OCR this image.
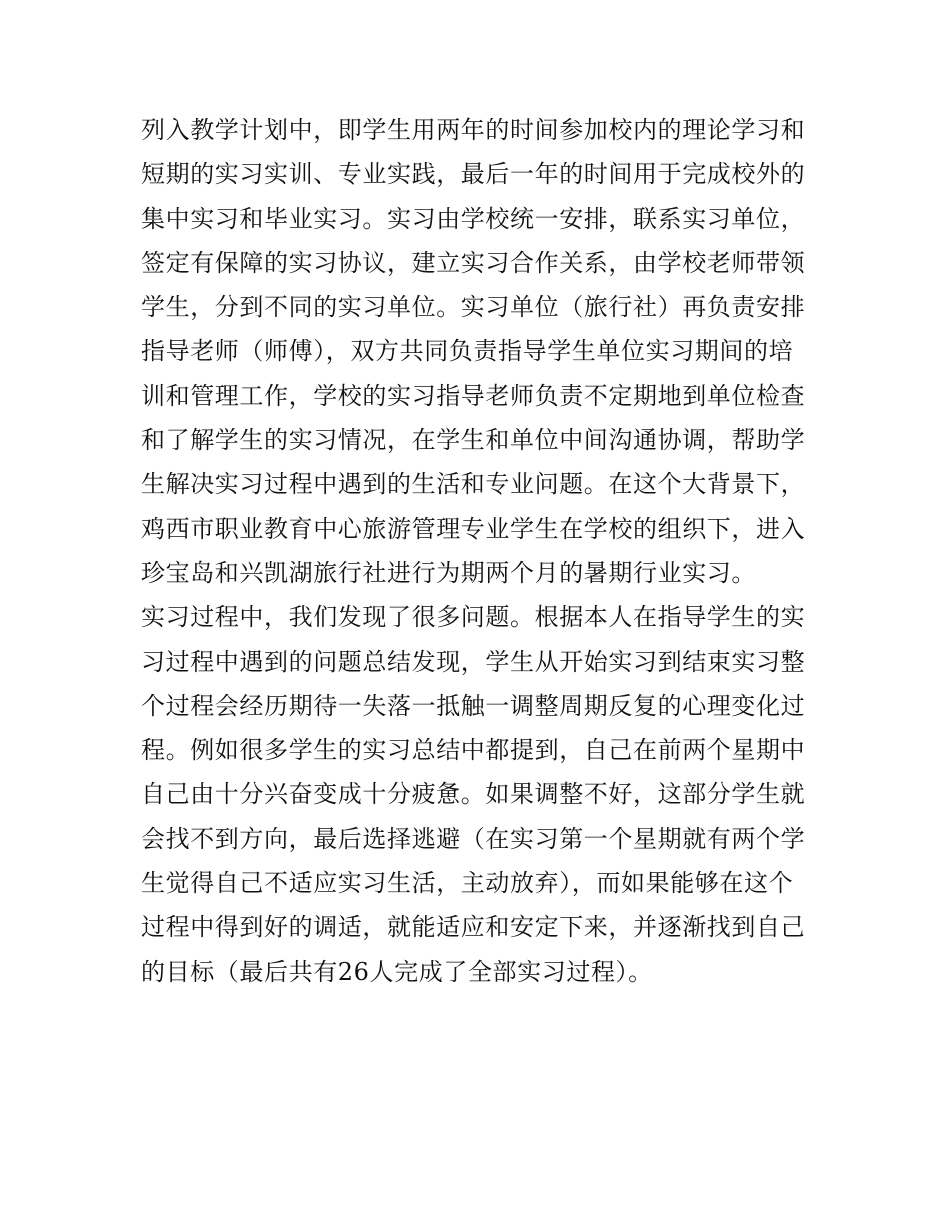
列入教学计划中，即学生用两年的时间参加校内的理论学习和
短期的实习实训、专业实践，最后一年的时间用于完成校外的
集中实习和毕业实习。实习由学校统一安排，联系实习单位，
签定有保障的实习协议，建立实习合作关系，由学校老师带领
学生，分到不同的实习单位。实习单位（旅行社）再负责安排
指导老师（师傅），双方共同负责指导学生单位实习期间的培
训和管理工作，学校的实习指导老师负责不定期地到单位检查
和了解学生的实习情况，在学生和单位中间沟通协调，帮助学
生解决实习过程中遇到的生活和专业问题。在这个大背景下，
鸡西市职业教育中心旅游管理专业学生在学校的组织下，进入
珍宝岛和兴凯湖旅行社进行为期两个月的暑期行业实习。
实习过程中，我们发现了很多问题。根据本人在指导学生的实
习过程中遇到的问题总结发现，学生从开始实习到结束实习整
个过程会经历期待一失落一抵触一调整周期反复的心理变化过
程。例如很多学生的实习总结中都提到，自己在前两个星期中
自己由十分兴奋变成十分疲惫。如果调整不好，这部分学生就
会找不到方向，最后选择逃避（在实习第一个星期就有两个学
生觉得自己不适应实习生活，主动放弃），而如果能够在这个
过程中得到好的调适，就能适应和安定下来，并逐渐找到自己
的目标（最后共有26人完成了全部实习过程）。
